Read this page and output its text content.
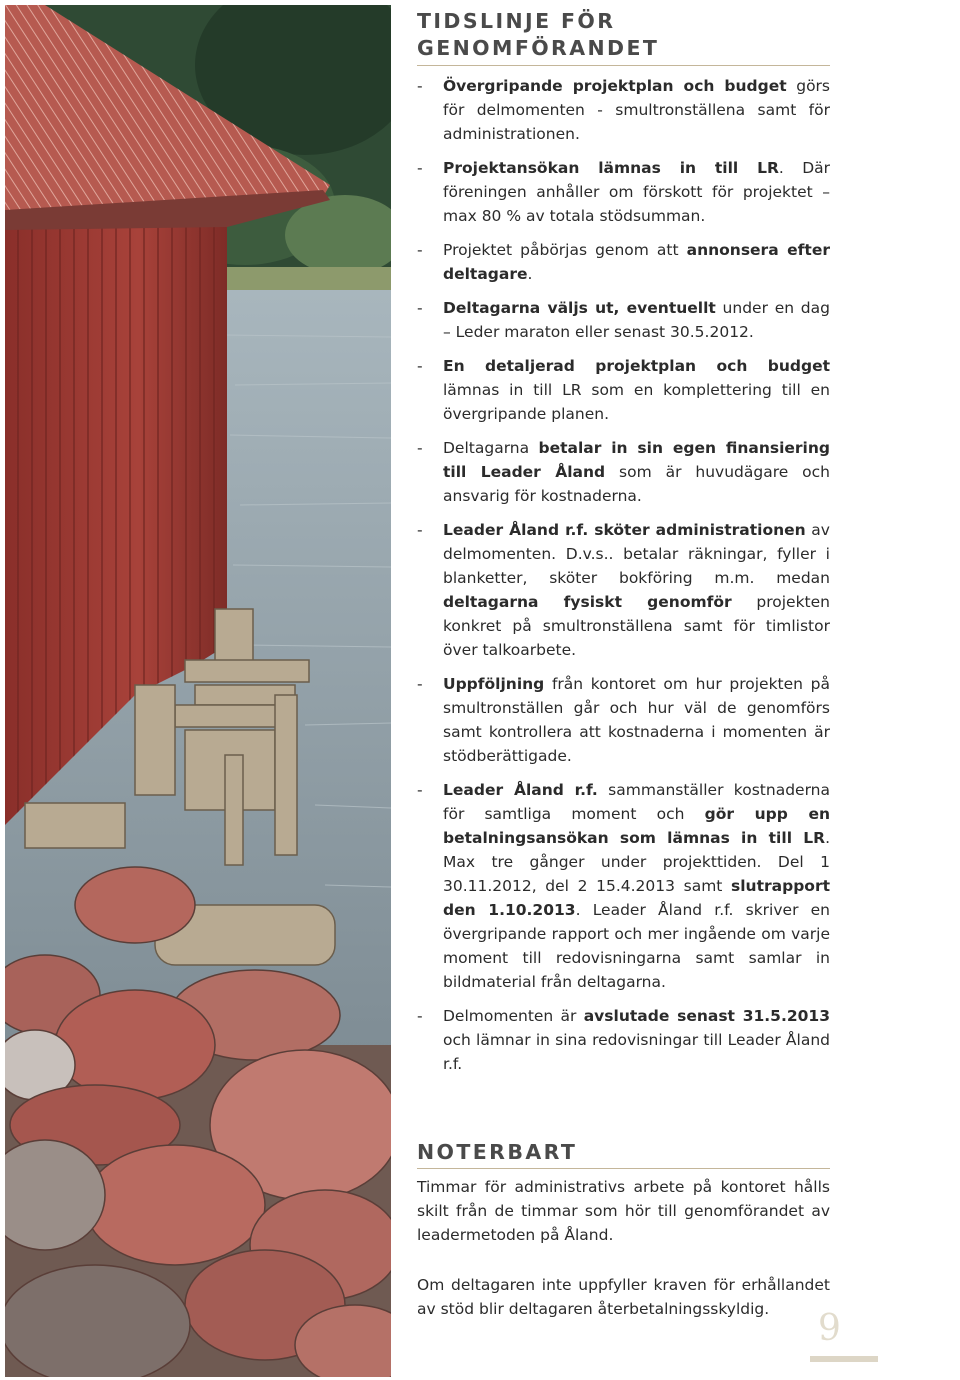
TIDSLINJE FÖR
GENOMFÖRANDET
- Övergripande projektplan och budget görs för delmomenten - smultronställena samt för administrationen.
- Projektansökan lämnas in till LR. Där föreningen anhåller om förskott för projektet – max 80 % av totala stödsumman.
- Projektet påbörjas genom att annonsera efter deltagare.
- Deltagarna väljs ut, eventuellt under en dag – Leder maraton eller senast 30.5.2012.
- En detaljerad projektplan och budget lämnas in till LR som en komplettering till en övergripande planen.
- Deltagarna betalar in sin egen finansiering till Leader Åland som är huvudägare och ansvarig för kostnaderna.
- Leader Åland r.f. sköter administrationen av delmomenten. D.v.s.. betalar räkningar, fyller i blanketter, sköter bokföring m.m. medan deltagarna fysiskt genomför projekten konkret på smultronställena samt för timlistor över talkoarbete.
- Uppföljning från kontoret om hur projekten på smultronställen går och hur väl de genomförs samt kontrollera att kostnaderna i momenten är stödberättigade.
- Leader Åland r.f. sammanställer kostnaderna för samtliga moment och gör upp en betalningsansökan som lämnas in till LR. Max tre gånger under projekttiden. Del 1 30.11.2012, del 2 15.4.2013 samt slutrapport den 1.10.2013. Leader Åland r.f. skriver en övergripande rapport och mer ingående om varje moment till redovisningarna samt samlar in bildmaterial från deltagarna.
- Delmomenten är avslutade senast 31.5.2013 och lämnar in sina redovisningar till Leader Åland r.f.
NOTERBART

Timmar för administrativs arbete på kontoret hålls skilt från de timmar som hör till genomförandet av leadermetoden på Åland.

Om deltagaren inte uppfyller kraven för erhållandet av stöd blir deltagaren återbetalningsskyldig.	9
